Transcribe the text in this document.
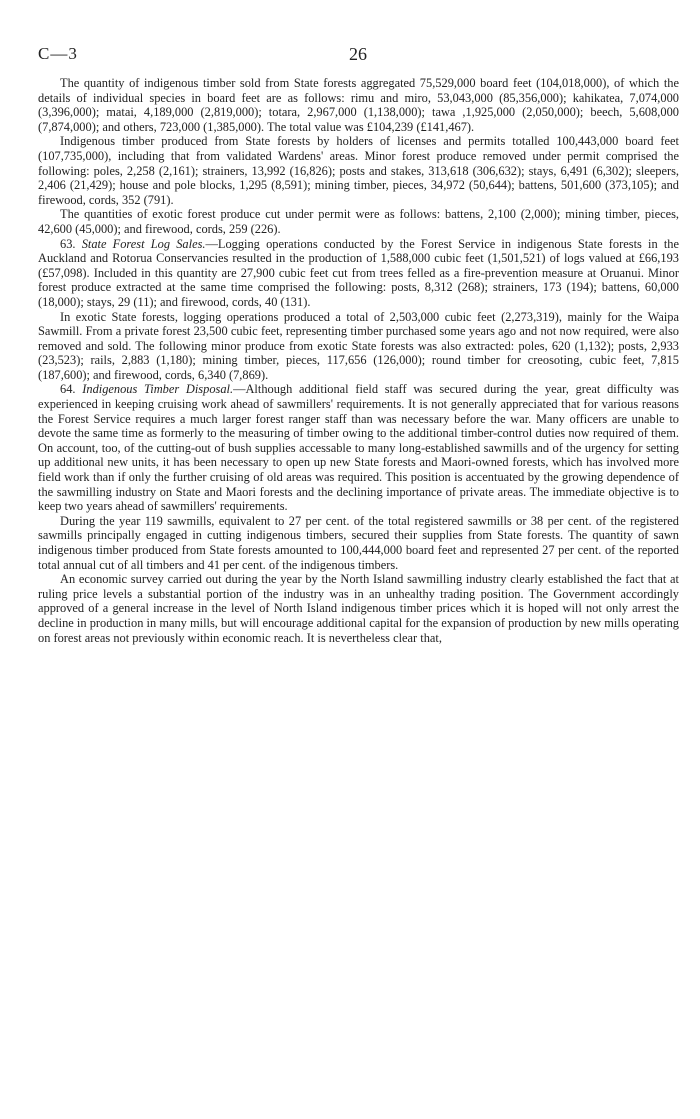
C—3	26

The quantity of indigenous timber sold from State forests aggregated 75,529,000 board feet (104,018,000), of which the details of individual species in board feet are as follows: rimu and miro, 53,043,000 (85,356,000); kahikatea, 7,074,000 (3,396,000); matai, 4,189,000 (2,819,000); totara, 2,967,000 (1,138,000); tawa ,1,925,000 (2,050,000); beech, 5,608,000 (7,874,000); and others, 723,000 (1,385,000). The total value was £104,239 (£141,467).

Indigenous timber produced from State forests by holders of licenses and permits totalled 100,443,000 board feet (107,735,000), including that from validated Wardens' areas. Minor forest produce removed under permit comprised the following: poles, 2,258 (2,161); strainers, 13,992 (16,826); posts and stakes, 313,618 (306,632); stays, 6,491 (6,302); sleepers, 2,406 (21,429); house and pole blocks, 1,295 (8,591); mining timber, pieces, 34,972 (50,644); battens, 501,600 (373,105); and firewood, cords, 352 (791).

The quantities of exotic forest produce cut under permit were as follows: battens, 2,100 (2,000); mining timber, pieces, 42,600 (45,000); and firewood, cords, 259 (226).

63. State Forest Log Sales.—Logging operations conducted by the Forest Service in indigenous State forests in the Auckland and Rotorua Conservancies resulted in the production of 1,588,000 cubic feet (1,501,521) of logs valued at £66,193 (£57,098). Included in this quantity are 27,900 cubic feet cut from trees felled as a fire-prevention measure at Oruanui. Minor forest produce extracted at the same time comprised the following: posts, 8,312 (268); strainers, 173 (194); battens, 60,000 (18,000); stays, 29 (11); and firewood, cords, 40 (131).

In exotic State forests, logging operations produced a total of 2,503,000 cubic feet (2,273,319), mainly for the Waipa Sawmill. From a private forest 23,500 cubic feet, representing timber purchased some years ago and not now required, were also removed and sold. The following minor produce from exotic State forests was also extracted: poles, 620 (1,132); posts, 2,933 (23,523); rails, 2,883 (1,180); mining timber, pieces, 117,656 (126,000); round timber for creosoting, cubic feet, 7,815 (187,600); and firewood, cords, 6,340 (7,869).

64. Indigenous Timber Disposal.—Although additional field staff was secured during the year, great difficulty was experienced in keeping cruising work ahead of sawmillers' requirements. It is not generally appreciated that for various reasons the Forest Service requires a much larger forest ranger staff than was necessary before the war. Many officers are unable to devote the same time as formerly to the measuring of timber owing to the additional timber-control duties now required of them. On account, too, of the cutting-out of bush supplies accessable to many long-established sawmills and of the urgency for setting up additional new units, it has been necessary to open up new State forests and Maori-owned forests, which has involved more field work than if only the further cruising of old areas was required. This position is accentuated by the growing dependence of the sawmilling industry on State and Maori forests and the declining importance of private areas. The immediate objective is to keep two years ahead of sawmillers' requirements.

During the year 119 sawmills, equivalent to 27 per cent. of the total registered sawmills or 38 per cent. of the registered sawmills principally engaged in cutting indigenous timbers, secured their supplies from State forests. The quantity of sawn indigenous timber produced from State forests amounted to 100,444,000 board feet and represented 27 per cent. of the reported total annual cut of all timbers and 41 per cent. of the indigenous timbers.

An economic survey carried out during the year by the North Island sawmilling industry clearly established the fact that at ruling price levels a substantial portion of the industry was in an unhealthy trading position. The Government accordingly approved of a general increase in the level of North Island indigenous timber prices which it is hoped will not only arrest the decline in production in many mills, but will encourage additional capital for the expansion of production by new mills operating on forest areas not previously within economic reach. It is nevertheless clear that,
